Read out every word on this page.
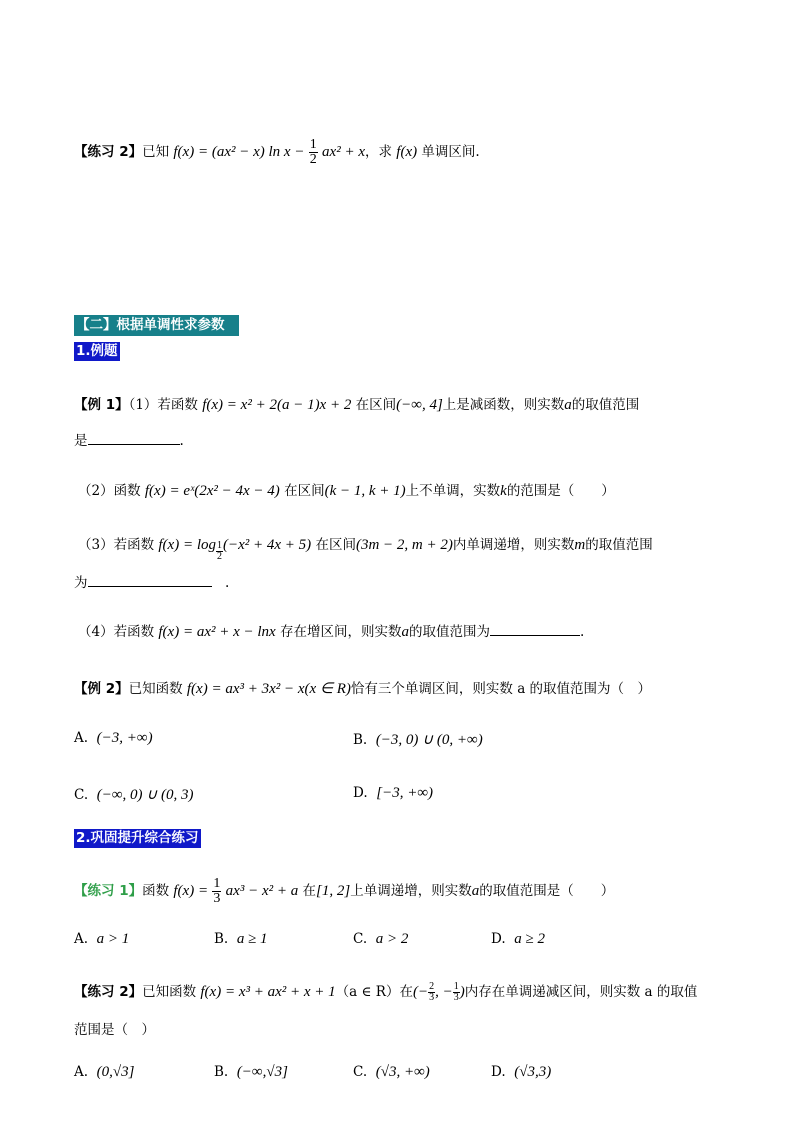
【练习 2】已知 f(x) = (ax² − x) $\ln x - \frac{1}{2} ax^2 + x$，求 f(x) 单调区间.
【二】根据单调性求参数
1.例题
【例 1】（1）若函数 f(x) = x² + 2(a − 1)x + 2 在区间(−∞, 4]上是减函数，则实数a的取值范围
是	.
（2）函数 f(x) = eˣ(2x² − 4x − 4) 在区间(k − 1, k + 1)上不单调，实数k的范围是（　　）
（3）若函数 $f(x) = \log \frac{1}{2} (-x^2 + 4x + 5)$ 在区间(3m − 2, m + 2)内单调递增，则实数m的取值范围
为　	.
（4）若函数 f(x) = ax² + x − lnx 存在增区间，则实数a的取值范围为	.
【例 2】已知函数 f(x) = ax³ + 3x² − x(x ∈ R)恰有三个单调区间，则实数 a 的取值范围为（　）
A. (−3, +∞)	B. (−3, 0) ∪ (0, +∞)
C. (−∞, 0) ∪ (0, 3)	D. [−3, +∞)
2.巩固提升综合练习
【练习 1】函数 $f(x) = \frac{1}{3} ax^3 - x^2 + a$ 在[1, 2]上单调递增，则实数a的取值范围是（　　）
A. a > 1	B. a ≥ 1	C. a > 2	D. a ≥ 2
【练习 2】已知函数 f(x) = x³ + ax² + x + 1（a ∈ R）在(− $\frac{2}{3}$ , − $\frac{1}{3}$ )内存在单调递减区间，则实数 a 的取值
范围是（　）
A. (0,√3]	B. (−∞,√3]	C. (√3, +∞)	D. (√3,3)
